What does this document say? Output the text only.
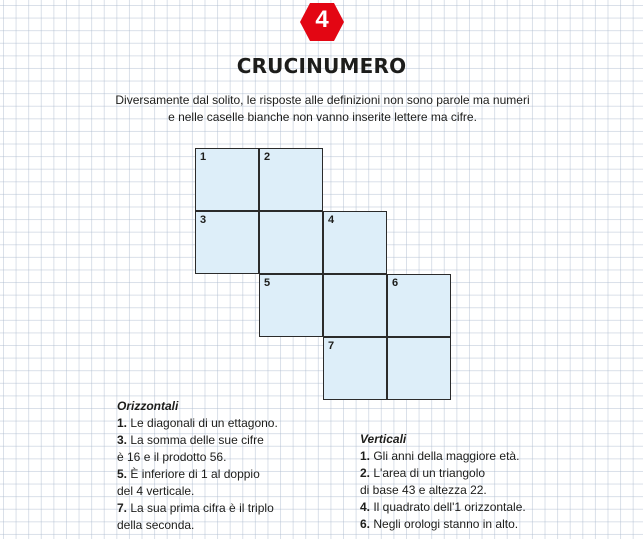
4
CRUCINUMERO
Diversamente dal solito, le risposte alle definizioni non sono parole ma numeri
e nelle caselle bianche non vanno inserite lettere ma cifre.
1	2
3	4
5	6
7
Orizzontali
1. Le diagonali di un ettagono.
3. La somma delle sue cifre
è 16 e il prodotto 56.
5. È inferiore di 1 al doppio
del 4 verticale.
7. La sua prima cifra è il triplo
della seconda.
Verticali
1. Gli anni della maggiore età.
2. L'area di un triangolo
di base 43 e altezza 22.
4. Il quadrato dell'1 orizzontale.
6. Negli orologi stanno in alto.
